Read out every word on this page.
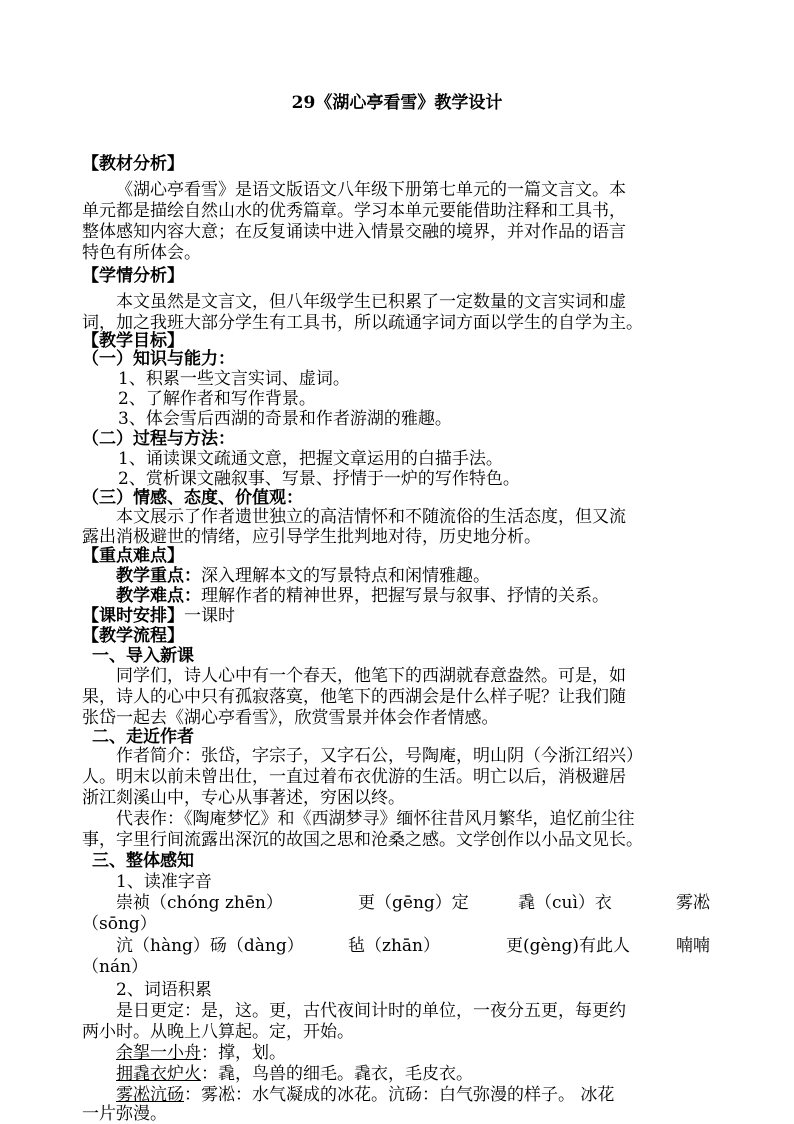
29《湖心亭看雪》教学设计
【教材分析】
《湖心亭看雪》是语文版语文八年级下册第七单元的一篇文言文。本
单元都是描绘自然山水的优秀篇章。学习本单元要能借助注释和工具书，
整体感知内容大意；在反复诵读中进入情景交融的境界，并对作品的语言
特色有所体会。
【学情分析】
本文虽然是文言文，但八年级学生已积累了一定数量的文言实词和虚
词，加之我班大部分学生有工具书，所以疏通字词方面以学生的自学为主。
【教学目标】
（一）知识与能力：
1、积累一些文言实词、虚词。
2、了解作者和写作背景。
3、体会雪后西湖的奇景和作者游湖的雅趣。
（二）过程与方法：
1、诵读课文疏通文意，把握文章运用的白描手法。
2、赏析课文融叙事、写景、抒情于一炉的写作特色。
（三）情感、态度、价值观：
本文展示了作者遗世独立的高洁情怀和不随流俗的生活态度，但又流
露出消极避世的情绪，应引导学生批判地对待，历史地分析。
【重点难点】
教学重点：深入理解本文的写景特点和闲情雅趣。
教学难点：理解作者的精神世界，把握写景与叙事、抒情的关系。
【课时安排】一课时
【教学流程】
一、导入新课
同学们，诗人心中有一个春天，他笔下的西湖就春意盎然。可是，如
果，诗人的心中只有孤寂落寞，他笔下的西湖会是什么样子呢？让我们随
张岱一起去《湖心亭看雪》，欣赏雪景并体会作者情感。
二、走近作者
作者简介：张岱，字宗子，又字石公，号陶庵，明山阴（今浙江绍兴）
人。明末以前未曾出仕，一直过着布衣优游的生活。明亡以后，消极避居
浙江剡溪山中，专心从事著述，穷困以终。
代表作：《陶庵梦忆》和《西湖梦寻》缅怀往昔风月繁华，追忆前尘往
事，字里行间流露出深沉的故国之思和沧桑之感。文学创作以小品文见长。
三、整体感知
1、读准字音
崇祯（chóng zhēn）	更（gēng）定	毳（cuì）衣	雾凇
（sōng）
沆（hàng）砀（dàng）	毡（zhān）	更(gèng)有此人	喃喃
（nán）
2、词语积累
是日更定：是，这。更，古代夜间计时的单位，一夜分五更，每更约
两小时。从晚上八算起。定，开始。
余挐一小舟：撑，划。
拥毳衣炉火：毳，鸟兽的细毛。毳衣，毛皮衣。
雾凇沆砀：雾凇：水气凝成的冰花。沆砀：白气弥漫的样子。 冰花
一片弥漫。
